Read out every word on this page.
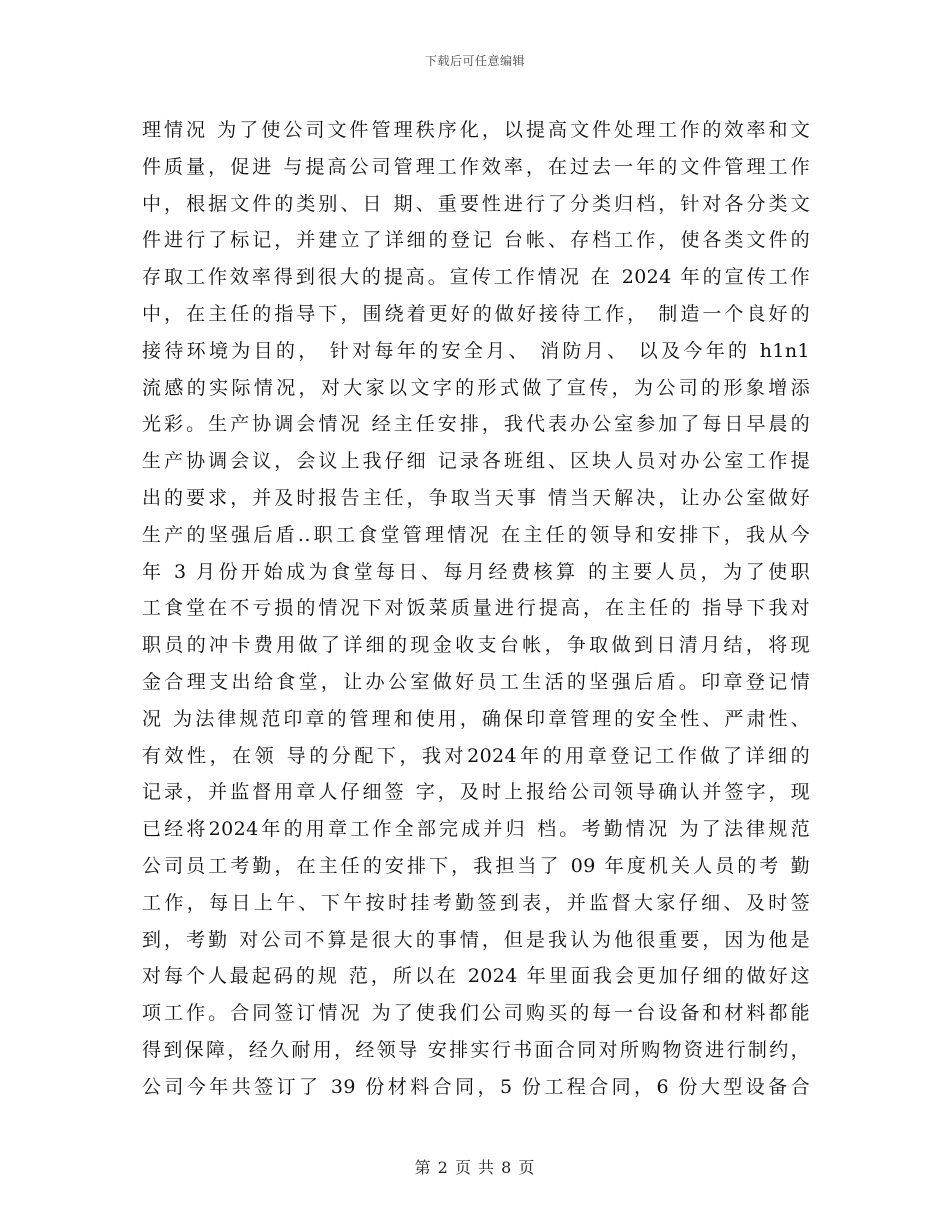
下载后可任意编辑
理情况 为了使公司文件管理秩序化，以提高文件处理工作的效率和文
件质量，促进 与提高公司管理工作效率，在过去一年的文件管理工作
中，根据文件的类别、日 期、重要性进行了分类归档，针对各分类文
件进行了标记，并建立了详细的登记 台帐、存档工作，使各类文件的
存取工作效率得到很大的提高。宣传工作情况 在 2024 年的宣传工作
中，在主任的指导下，围绕着更好的做好接待工作， 制造一个良好的
接待环境为目的， 针对每年的安全月、 消防月、 以及今年的 h1n1
流感的实际情况，对大家以文字的形式做了宣传，为公司的形象增添
光彩。生产协调会情况 经主任安排，我代表办公室参加了每日早晨的
生产协调会议，会议上我仔细 记录各班组、区块人员对办公室工作提
出的要求，并及时报告主任，争取当天事 情当天解决，让办公室做好
生产的坚强后盾..职工食堂管理情况 在主任的领导和安排下，我从今
年 3 月份开始成为食堂每日、每月经费核算 的主要人员，为了使职
工食堂在不亏损的情况下对饭菜质量进行提高，在主任的 指导下我对
职员的冲卡费用做了详细的现金收支台帐，争取做到日清月结，将现
金合理支出给食堂，让办公室做好员工生活的坚强后盾。印章登记情
况 为法律规范印章的管理和使用，确保印章管理的安全性、严肃性、
有效性，在领 导的分配下，我对2024年的用章登记工作做了详细的
记录，并监督用章人仔细签 字，及时上报给公司领导确认并签字，现
已经将2024年的用章工作全部完成并归 档。考勤情况 为了法律规范
公司员工考勤，在主任的安排下，我担当了 09 年度机关人员的考 勤
工作，每日上午、下午按时挂考勤签到表，并监督大家仔细、及时签
到，考勤 对公司不算是很大的事情，但是我认为他很重要，因为他是
对每个人最起码的规 范，所以在 2024 年里面我会更加仔细的做好这
项工作。合同签订情况 为了使我们公司购买的每一台设备和材料都能
得到保障，经久耐用，经领导 安排实行书面合同对所购物资进行制约，
公司今年共签订了 39 份材料合同，5 份工程合同，6 份大型设备合
第 2 页 共 8 页
